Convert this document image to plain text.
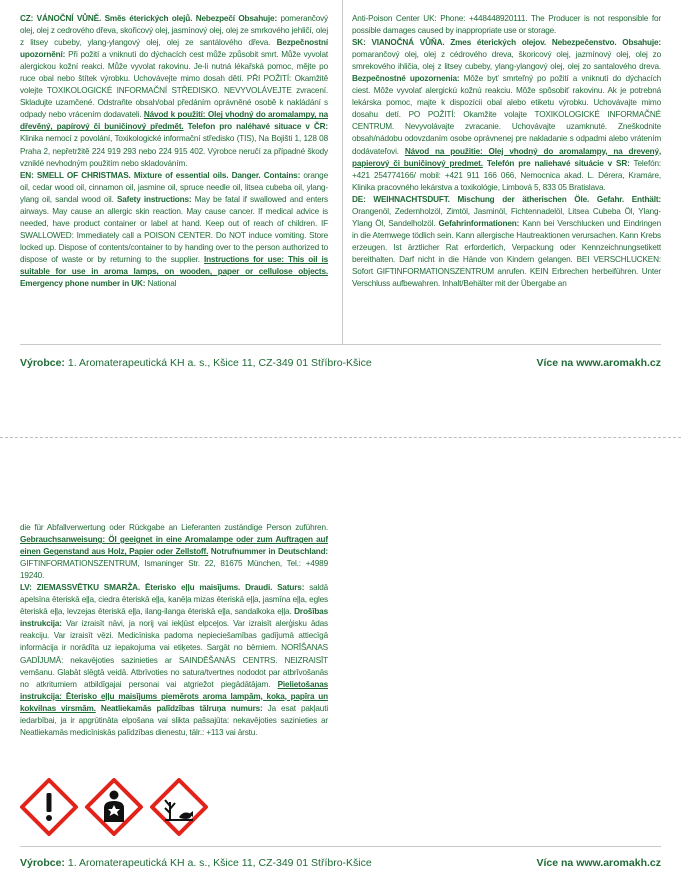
CZ: VÁNOČNÍ VŮNĚ. Směs éterických olejů. Nebezpečí Obsahuje: pomerančový olej, olej z cedrového dřeva, skořicový olej, jasmínový olej, olej ze smrkového jehličí, olej z litsey cubeby, ylang-ylangový olej, olej ze santálového dřeva. Bezpečnostní upozornění: Při požití a vniknutí do dýchacích cest může způsobit smrt. Může vyvolat alergickou kožní reakci. Může vyvolat rakovinu. Je-li nutná lékařská pomoc, mějte po ruce obal nebo štítek výrobku. Uchovávejte mimo dosah dětí. PŘI POŽITÍ: Okamžitě volejte TOXIKOLOGICKÉ INFORMAČNÍ STŘEDISKO. NEVYVOLÁVEJTE zvracení. Skladujte uzamčené. Odstraňte obsah/obal předáním oprávněné osobě k nakládání s odpady nebo vrácením dodavateli. Návod k použití: Olej vhodný do aromalampy, na dřevěný, papírový či buničinový předmět. Telefon pro naléhavé situace v ČR: Klinika nemocí z povolání, Toxikologické informační středisko (TIS), Na Bojišti 1, 128 08 Praha 2, nepřetržitě 224 919 293 nebo 224 915 402. Výrobce neručí za případné škody vzniklé nevhodným použitím nebo skladováním.

EN: SMELL OF CHRISTMAS. Mixture of essential oils. Danger. Contains: orange oil, cedar wood oil, cinnamon oil, jasmine oil, spruce needle oil, litsea cubeba oil, ylang-ylang oil, sandal wood oil. Safety instructions: May be fatal if swallowed and enters airways. May cause an allergic skin reaction. May cause cancer. If medical advice is needed, have product container or label at hand. Keep out of reach of children. IF SWALLOWED: Immediately call a POISON CENTER. Do NOT induce vomiting. Store locked up. Dispose of contents/container to by handing over to the person authorized to dispose of waste or by returning to the supplier. Instructions for use: This oil is suitable for use in aroma lamps, on wooden, paper or cellulose objects. Emergency phone number in UK: National

Anti-Poison Center UK: Phone: +448448920111. The Producer is not responsible for possible damages caused by inappropriate use or storage.

SK: VIANOČNÁ VŮŇA. Zmes éterických olejov. Nebezpečenstvo. Obsahuje: pomarančový olej, olej z cédrového dreva, škoricový olej, jazmínový olej, olej zo smrekového ihličia, olej z litsey cubeby, ylang-ylangový olej, olej zo santalového dreva. Bezpečnostné upozornenia: Môže byť smrteľný po požití a vniknutí do dýchacích ciest. Môže vyvolať alergickú kožnú reakciu. Môže spôsobiť rakovinu. Ak je potrebná lekárska pomoc, majte k dispozícii obal alebo etiketu výrobku. Uchovávajte mimo dosahu detí. PO POŽITÍ: Okamžite volajte TOXIKOLOGICKÉ INFORMAČNÉ CENTRUM. Nevyvolávajte zvracanie. Uchovávajte uzamknuté. Zneškodnite obsah/nádobu odovzdaním osobe oprávnenej pre nakladanie s odpadmi alebo vrátením dodávateľovi. Návod na použitie: Olej vhodný do aromalampy, na drevený, papierový či buničinový predmet. Telefón pre naliehavé situácie v SR: Telefón: +421 254774166/ mobil: +421 911 166 066, Nemocnica akad. L. Dérera, Kramáre, Klinika pracovného lekárstva a toxikológie, Limbová 5, 833 05 Bratislava.

DE: WEIHNACHTSDUFT. Mischung der ätherischen Öle. Gefahr. Enthält: Orangenöl, Zedernholzöl, Zimtöl, Jasminöl, Fichtennadelöl, Litsea Cubeba Öl, Ylang-Ylang Öl, Sandelholzöl. Gefahrinformationen: Kann bei Verschlucken und Eindringen in die Atemwege tödlich sein. Kann allergische Hautreaktionen verursachen. Kann Krebs erzeugen. Ist ärztlicher Rat erforderlich, Verpackung oder Kennzeichnungsetikett bereithalten. Darf nicht in die Hände von Kindern gelangen. BEI VERSCHLUCKEN: Sofort GIFTINFORMATIONSZENTRUM anrufen. KEIN Erbrechen herbeiführen. Unter Verschluss aufbewahren. Inhalt/Behälter mit der Übergabe an

Výrobce: 1. Aromaterapeutická KH a. s., Kšice 11, CZ-349 01 Stříbro-Kšice	Více na www.aromakh.cz

die für Abfallverwertung oder Rückgabe an Lieferanten zuständige Person zuführen. Gebrauchsanweisung: Öl geeignet in eine Aromalampe oder zum Auftragen auf einen Gegenstand aus Holz, Papier oder Zellstoff. Notrufnummer in Deutschland: GIFTINFORMATIONSZENTRUM, Ismaninger Str. 22, 81675 München, Tel.: +4989 19240.

LV: ZIEMASSVĒTKU SMARŽA. Ēterisko eļļu maisījums. Draudi. Saturs: saldā apelsīna ēteriskā eļļa, ciedra ēteriskā eļļa, kanēļa mizas ēteriskā eļļa, jasmīna eļļa, egles ēteriskā eļļa, levzejas ēteriskā eļļa, ilang-ilanga ēteriskā eļļa, sandalkoka eļļa. Drošības instrukcija: Var izraisīt nāvi, ja norij vai iekļūst elpceļos. Var izraisīt alerģisku ādas reakciju. Var izraisīt vēzi. Medicīniska padoma nepieciešamības gadījumā attiecīgā informācija ir norādīta uz iepakojuma vai etiķetes. Sargāt no bērniem. NORĪŠANAS GADĪJUMĀ: nekavējoties sazinieties ar SAINDĒŠANĀS CENTRS. NEIZRAISĪT vemšanu. Glabāt slēgtā veidā. Atbrīvoties no satura/tvertnes nododot par atbrīvošanās no atkritumiem atbildīgajai personai vai atgriežot piegādātājam. Pielietošanas instrukcija: Ēterisko eļļu maisījums piemērots aroma lampām, koka, papīra un kokvilnas virsmām. Neatliekamās palīdzības tālruņa numurs: Ja esat pakļauti iedarbībai, ja ir apgrūtināta elpošana vai slikta pašsajūta: nekavējoties sazinieties ar Neatliekamās medicīniskās palīdzības dienestu, tālr.: +113 vai ārstu.

Výrobce: 1. Aromaterapeutická KH a. s., Kšice 11, CZ-349 01 Stříbro-Kšice	Více na www.aromakh.cz
